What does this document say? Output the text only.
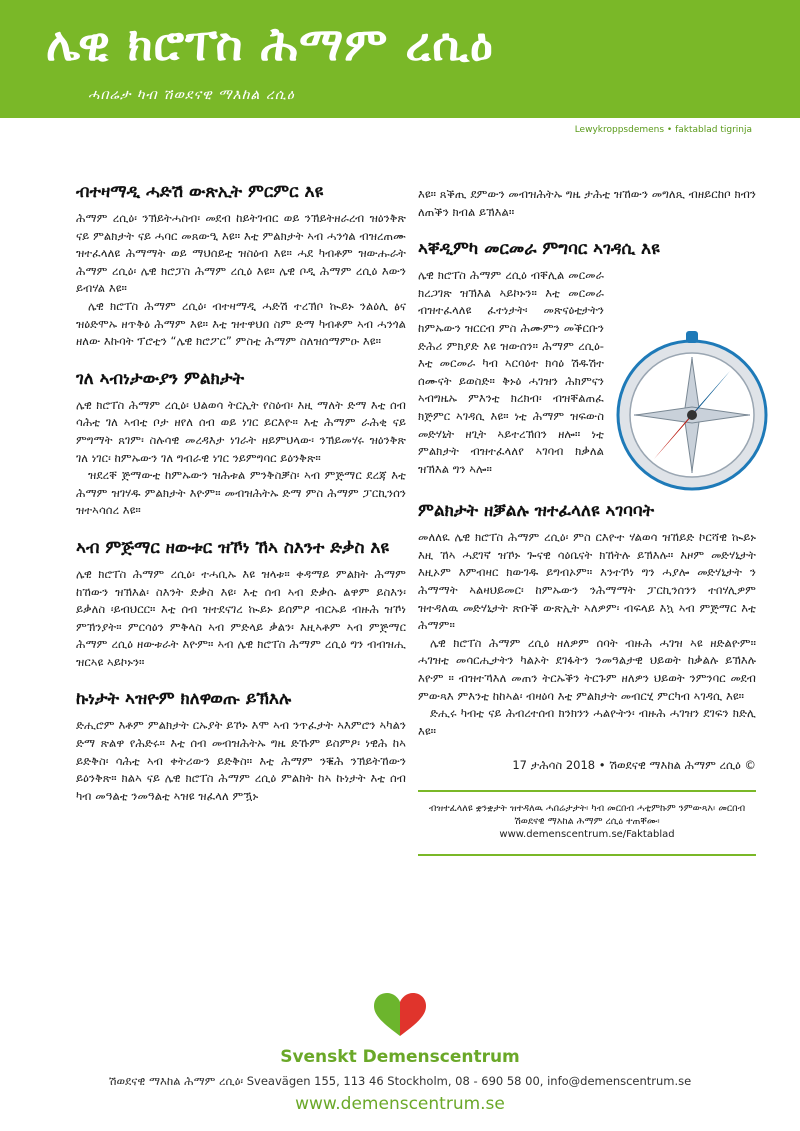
ሌዊ ክሮፐስ ሕማም ረሲዕ
ሓበሬታ ካብ ሽወደናዊ ማእከል ረሲዕ
Lewykroppsdemens • faktablad tigrinja
ብተዛማዲ ሓድሽ ውጽኢት ምርምር እዩ

ሕማም ረሲዕ፡ ንኽይትሓስብ፡ መደብ ከይትገብር ወይ ንኽይትዘራረብ ዝዕንቅጽ ናይ ምልክታት ናይ ሓባር መጸውዒ እዩ። እቲ ምልክታት ኣብ ሓንጎል ብዝረጠሙ ዝተፈላለዩ ሕማማት ወይ ማህሰይቲ ዝስዕብ እዩ። ሓደ ካብቶም ዝውሑራት ሕማም ረሲዕ፡ ሌዊ ክሮፓስ ሕማም ረሲዕ እዩ። ሌዊ ቦዲ ሕማም ረሲዕ እውን ይብሃል እዩ።

ሌዊ ክሮፐስ ሕማም ረሲዕ፡ ብተዛማዲ ሓድሽ ተረኽቦ ኲይኑ ንልዕሊ ፅና ዝዕድሞኡ ዘጥቅዕ ሕማም እዩ። እቲ ዝተዋህበ ስም ድማ ካብቶም ኣብ ሓንጎል ዘለው እኩባት ፕሮቲን “ሌዊ ክሮፖር” ምስቲ ሕማም ስለዝሰማምዑ እዩ።

ገለ ኣብነታውያን ምልክታት

ሌዊ ክሮፐስ ሕማም ረሲዕ፡ ህልወሳ ትርኢት የስዕብ፡ እዚ ማለት ድማ እቲ ሰብ ሳሕቲ ገለ ኣብቲ ቦታ ዘየለ ሰብ ወይ ነገር ይርእዮ። እቲ ሕማም ራሕቂ ናይ ምግማት ጸገም፡ ስሉሳዊ መረዳእታ ነገራት ዘይምህላው፡ ንኽይመሃሩ ዝዕንቅጽ ገለ ነገር፡ ከምኡውን ገለ ግብራዊ ነገር ንይምግባር ይዕንቅጽ።

ዝደረቐ ጅማውቲ ከምኡውን ዝሕቱል ምንቅስቓስ፡ ኣብ ምጅማር ደረጃ እቲ ሕማም ዝገሃዱ ምልክታት እዮም። መብዝሕትኡ ድማ ምስ ሕማም ፓርኪንሰን ዝተኣሳሰረ እዩ።

ኣብ ምጅማር ዘውቱር ዝኾነ ኸኣ ስእንተ ድቃስ እዩ

ሌዊ ክሮፐስ ሕማም ረሲዕ፡ ተሓቢኡ እዩ ዝላቱ። ቀዳማይ ምልክት ሕማም ከኸውን ዝኽእል፡ ስእንት ድቃስ እዩ፡ እቲ ሰብ ኣብ ድቃሱ ልዋም ይስእን፡ ይቃለስ ፡ይብህርር። እቲ ሰብ ዝተደናገረ ኲይኑ ይሰምዖ ብርኡይ ብዙሕ ዝኾነ ምኽንያት። ምርሳዕን ምቅላስ ኣብ ምድላይ ቃልን፡ እዚኣቶም ኣብ ምጅማር ሕማም ረሲዕ ዘውቱራት እዮም። ኣብ ሌዊ ክሮፐስ ሕማም ረሲዕ ግን ብብዝሒ ዝርኣዩ ኣይኮኑን።

ኩነታት ኣዝዮም ክለዋወጡ ይኽእሉ

ድሒሮም እቶም ምልክታት ርኡያት ይኾኑ እሞ ኣብ ንጥፈታት ኣእምሮን ኣካልን ድማ ጽልዋ የሕድሩ። እቲ ሰብ መብዝሕትኡ ግዜ ድኹም ይስምዖ፡ ነዊሕ ከኣ ይድቅስ፡ ሳሕቲ ኣብ ቀትሪውን ይድቅስ። እቲ ሕማም ንቑሕ ንኽይትኸውን ይዕንቅጽ። ክልኣ ናይ ሌዊ ክሮፐስ ሕማም ረሲዕ ምልክት ከኣ ኩነታት እቲ ሰብ ካብ መዓልቲ ንመዓልቲ ኣዝዩ ዝፈላለ ምዃኑ

እዩ። ጸቕጢ ደምውን መብዝሕትኡ ግዜ ታሕቲ ዝኸውን መግለጺ ብዘይርከቦ ክብን ለጠቕን ክብል ይኽእል።

ኣቐዲምካ መርመራ ምግባር ኣገዳሲ እዩ

ሌዊ ክሮፐስ ሕማም ረሲዕ ብቐሊል መርመራ ክረጋገጽ ዝኽእል ኣይኮኑን። እቲ መርመራ ብዝተፈላለዩ ፈተነታት፡ መጽናዕቲታትን ከምኡውን ዝርርብ ምስ ሕሙምን መቕርቡን ድሕሪ ምክያድ እዩ ዝውሰን። ሕማም ረሲዕ-እቲ መርመራ ካብ ኣርባዕተ ክሳዕ ሽዱሽተ ሰሙናት ይወስድ። ቅኑዕ ሓገዝን ሕክምናን ኣብግዜኡ ምእንቲ ክረክብ፡ ብዝቐልጠፈ ክጅምር ኣገዳሲ እዩ። ነቲ ሕማም ዝፍውስ መድሃኒት ዘጊት ኣይተረኽበን ዘሎ። ነቲ ምልክታት ብዝተፈላለየ ኣገባብ ክቃለል ዝኽእል ግን ኣሎ።

ምልክታት ዘቓልሉ ዝተፈላለዩ ኣገባባት

መለለዪ ሌዊ ክሮፐስ ሕማም ረሲዕ፡ ምስ ርእዮተ ሃልወሳ ዝኸይድ ኮርሻዊ ኲይኑ እዚ ኸኣ ሓደገኛ ዝኾኑ ጐናዊ ሳዕቤናት ክኸትሉ ይኽእሉ። እዞም መድሃኒታት እዚኦም እምብዛር ክውገዱ ይግብኦም። እንተኾነ ግን ሓያሎ መድሃኒታት ን ሕማማት ኣልዛህይመር፡ ከምኡውን ንሕማማት ፓርኪንሰንን ተበሃሊዎም ዝተዳለዉ መድሃኒታት ጽቡቕ ውጽኢት ኣለዎም፡ ብፍላይ እኳ ኣብ ምጅማር እቲ ሕማም።

ሌዊ ክሮፐስ ሕማም ረሲዕ ዘለዎም ሰባት ብዙሕ ሓገዝ ኣዩ ዘድልዮም። ሓገዝቲ መሳርሒታትን ካልኦት ደገፋትን ንመዓልታዊ ህይወት ከቃልሉ ይኽእሉ እዮም ። ብዝተኻእለ መጠን ትርኡቕን ትርጉም ዘለዎን ህይወት ንምንባር መደብ ምውጻእ ምእንቲ ከከኣል፡ ብዛዕባ እቲ ምልክታት መብርሂ ምርካብ ኣገዳሲ እዩ።

ድሒሩ ካብቲ ናይ ሕብረተሰብ ክንክንን ሓልዮትን፡ ብዙሕ ሓገዝን ደገፍን ክድሊ እዩ።

17 ታሕሳስ 2018 • ሽወደናዊ ማእከል ሕማም ረሲዕ ©
ብዝተፈላለዩ ቋንቋታት ዝተዳለዉ ሓበሬታታት፡ ካብ መርበብ ሓቲምኩም ንምውጻእ፡ መርበብ ሽወደናዊ ማእከል ሕማም ረሲዕ ተጠቐሙ፡
www.demenscentrum.se/Faktablad
Svenskt Demenscentrum
ሽወደናዊ ማእከል ሕማም ረሲዕ፡ Sveavägen 155, 113 46 Stockholm, 08 - 690 58 00, info@demenscentrum.se
www.demenscentrum.se
